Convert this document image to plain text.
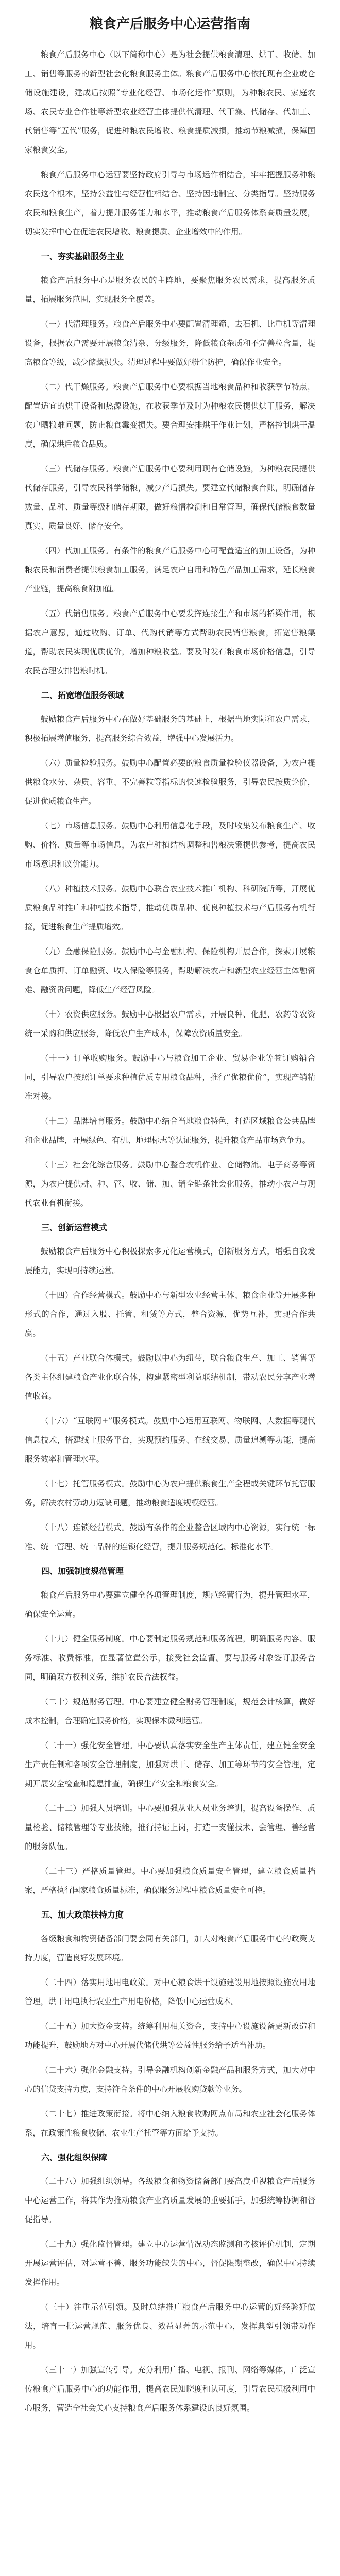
粮食产后服务中心运营指南

粮食产后服务中心（以下简称中心）是为社会提供粮食清理、烘干、收储、加工、销售等服务的新型社会化粮食服务主体。粮食产后服务中心依托现有企业或仓储设施建设，建成后按照“专业化经营、市场化运作”原则，为种粮农民、家庭农场、农民专业合作社等新型农业经营主体提供代清理、代干燥、代储存、代加工、代销售等“五代”服务，促进种粮农民增收、粮食提质减损，推动节粮减损，保障国家粮食安全。

粮食产后服务中心运营要坚持政府引导与市场运作相结合，牢牢把握服务种粮农民这个根本，坚持公益性与经营性相结合、坚持因地制宜、分类指导。坚持服务农民和粮食生产，着力提升服务能力和水平，推动粮食产后服务体系高质量发展，切实发挥中心在促进农民增收、粮食提质、企业增效中的作用。

一、夯实基础服务主业

粮食产后服务中心是服务农民的主阵地，要聚焦服务农民需求，提高服务质量，拓展服务范围，实现服务全覆盖。

（一）代清理服务。粮食产后服务中心要配置清理筛、去石机、比重机等清理设备，根据农户需要开展粮食清杂、分级服务，降低粮食杂质和不完善粒含量，提高粮食等级，减少储藏损失。清理过程中要做好粉尘防护，确保作业安全。

（二）代干燥服务。粮食产后服务中心要根据当地粮食品种和收获季节特点，配置适宜的烘干设备和热源设施，在收获季节及时为种粮农民提供烘干服务，解决农户晒粮难问题，防止粮食霉变损失。要合理安排烘干作业计划，严格控制烘干温度，确保烘后粮食品质。

（三）代储存服务。粮食产后服务中心要利用现有仓储设施，为种粮农民提供代储存服务，引导农民科学储粮，减少产后损失。要建立代储粮食台账，明确储存数量、品种、质量等级和储存期限，做好粮情检测和日常管理，确保代储粮食数量真实、质量良好、储存安全。

（四）代加工服务。有条件的粮食产后服务中心可配置适宜的加工设备，为种粮农民和消费者提供粮食加工服务，满足农户自用和特色产品加工需求，延长粮食产业链，提高粮食附加值。

（五）代销售服务。粮食产后服务中心要发挥连接生产和市场的桥梁作用，根据农户意愿，通过收购、订单、代购代销等方式帮助农民销售粮食，拓宽售粮渠道，帮助农民实现优质优价，增加种粮收益。要及时发布粮食市场价格信息，引导农民合理安排售粮时机。

二、拓宽增值服务领域

鼓励粮食产后服务中心在做好基础服务的基础上，根据当地实际和农户需求，积极拓展增值服务，提高服务综合效益，增强中心发展活力。

（六）质量检验服务。鼓励中心配置必要的粮食质量检验仪器设备，为农户提供粮食水分、杂质、容重、不完善粒等指标的快速检验服务，引导农民按质论价，促进优质粮食生产。

（七）市场信息服务。鼓励中心利用信息化手段，及时收集发布粮食生产、收购、价格、质量等市场信息，为农户种植结构调整和售粮决策提供参考，提高农民市场意识和议价能力。

（八）种植技术服务。鼓励中心联合农业技术推广机构、科研院所等，开展优质粮食品种推广和种植技术指导，推动优质品种、优良种植技术与产后服务有机衔接，促进粮食生产提质增效。

（九）金融保险服务。鼓励中心与金融机构、保险机构开展合作，探索开展粮食仓单质押、订单融资、收入保险等服务，帮助解决农户和新型农业经营主体融资难、融资贵问题，降低生产经营风险。

（十）农资供应服务。鼓励中心根据农户需求，开展良种、化肥、农药等农资统一采购和供应服务，降低农户生产成本，保障农资质量安全。

（十一）订单收购服务。鼓励中心与粮食加工企业、贸易企业等签订购销合同，引导农户按照订单要求种植优质专用粮食品种，推行“优粮优价”，实现产销精准对接。

（十二）品牌培育服务。鼓励中心结合当地粮食特色，打造区域粮食公共品牌和企业品牌，开展绿色、有机、地理标志等认证服务，提升粮食产品市场竞争力。

（十三）社会化综合服务。鼓励中心整合农机作业、仓储物流、电子商务等资源，为农户提供耕、种、管、收、储、加、销全链条社会化服务，推动小农户与现代农业有机衔接。

三、创新运营模式

鼓励粮食产后服务中心积极探索多元化运营模式，创新服务方式，增强自我发展能力，实现可持续运营。

（十四）合作经营模式。鼓励中心与新型农业经营主体、粮食企业等开展多种形式的合作，通过入股、托管、租赁等方式，整合资源，优势互补，实现合作共赢。

（十五）产业联合体模式。鼓励以中心为纽带，联合粮食生产、加工、销售等各类主体组建粮食产业化联合体，构建紧密型利益联结机制，带动农民分享产业增值收益。

（十六）“互联网+”服务模式。鼓励中心运用互联网、物联网、大数据等现代信息技术，搭建线上服务平台，实现预约服务、在线交易、质量追溯等功能，提高服务效率和管理水平。

（十七）托管服务模式。鼓励中心为农户提供粮食生产全程或关键环节托管服务，解决农村劳动力短缺问题，推动粮食适度规模经营。

（十八）连锁经营模式。鼓励有条件的企业整合区域内中心资源，实行统一标准、统一管理、统一品牌的连锁化经营，提升服务规范化、标准化水平。

四、加强制度规范管理

粮食产后服务中心要建立健全各项管理制度，规范经营行为，提升管理水平，确保安全运营。

（十九）健全服务制度。中心要制定服务规范和服务流程，明确服务内容、服务标准、收费标准，在显著位置公示，接受社会监督。要与服务对象签订服务合同，明确双方权利义务，维护农民合法权益。

（二十）规范财务管理。中心要建立健全财务管理制度，规范会计核算，做好成本控制，合理确定服务价格，实现保本微利运营。

（二十一）强化安全管理。中心要认真落实安全生产主体责任，建立健全安全生产责任制和各项安全管理制度，加强对烘干、储存、加工等环节的安全管理，定期开展安全检查和隐患排查，确保生产安全和粮食安全。

（二十二）加强人员培训。中心要加强从业人员业务培训，提高设备操作、质量检验、储粮管理等专业技能，推行持证上岗，打造一支懂技术、会管理、善经营的服务队伍。

（二十三）严格质量管理。中心要加强粮食质量安全管理，建立粮食质量档案，严格执行国家粮食质量标准，确保服务过程中粮食质量安全可控。

五、加大政策扶持力度

各级粮食和物资储备部门要会同有关部门，加大对粮食产后服务中心的政策支持力度，营造良好发展环境。

（二十四）落实用地用电政策。对中心粮食烘干设施建设用地按照设施农用地管理，烘干用电执行农业生产用电价格，降低中心运营成本。

（二十五）加大资金支持。统筹利用相关资金，支持中心设施设备更新改造和功能提升，鼓励地方对中心开展代储代烘等公益性服务给予适当补助。

（二十六）强化金融支持。引导金融机构创新金融产品和服务方式，加大对中心的信贷支持力度，支持符合条件的中心开展收购贷款等业务。

（二十七）推进政策衔接。将中心纳入粮食收购网点布局和农业社会化服务体系，在政策性粮食收储、农业生产托管等方面给予支持。

六、强化组织保障

（二十八）加强组织领导。各级粮食和物资储备部门要高度重视粮食产后服务中心运营工作，将其作为推动粮食产业高质量发展的重要抓手，加强统筹协调和督促指导。

（二十九）强化监督管理。建立中心运营情况动态监测和考核评价机制，定期开展运营评估，对运营不善、服务功能缺失的中心，督促限期整改，确保中心持续发挥作用。

（三十）注重示范引领。及时总结推广粮食产后服务中心运营的好经验好做法，培育一批运营规范、服务优良、效益显著的示范中心，发挥典型引领带动作用。

（三十一）加强宣传引导。充分利用广播、电视、报刊、网络等媒体，广泛宣传粮食产后服务中心的功能作用，提高农民知晓度和认可度，引导农民积极利用中心服务，营造全社会关心支持粮食产后服务体系建设的良好氛围。
